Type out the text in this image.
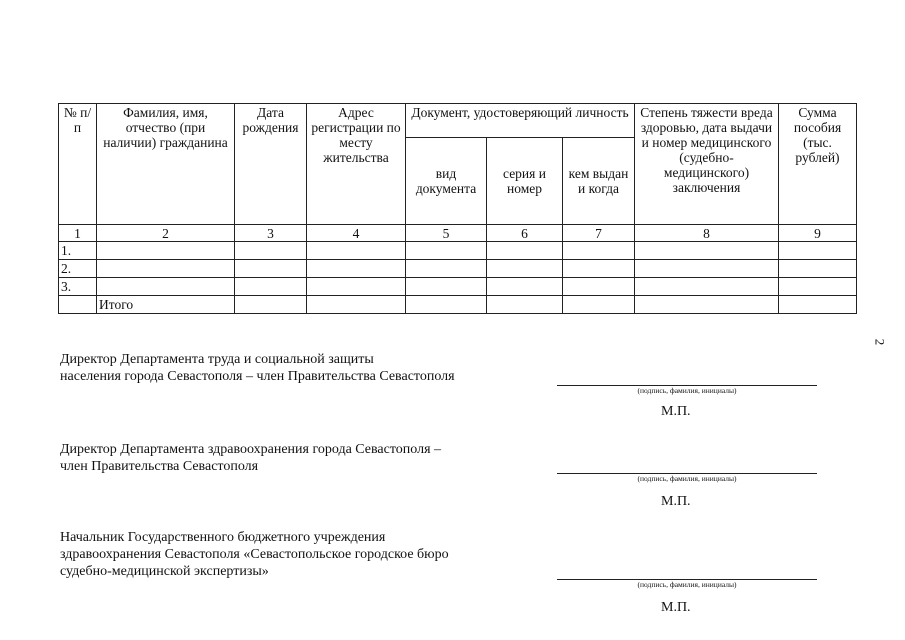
№ п/п	Фамилия, имя, отчество (при наличии) гражданина	Дата рождения	Адрес регистрации по месту жительства	Документ, удостоверяющий личность			Степень тяжести вреда здоровью, дата выдачи и номер медицинского (судебно-медицинского) заключения	Сумма пособия (тыс. рублей)
				вид документа	серия и номер	кем выдан и когда		
1	2	3	4	5	6	7	8	9
1.								
2.								
3.								
	Итого							
2
Директор Департамента труда и социальной защиты
населения города Севастополя – член Правительства Севастополя
(подпись, фамилия, инициалы)
М.П.
Директор Департамента здравоохранения города Севастополя –
член Правительства Севастополя
(подпись, фамилия, инициалы)
М.П.
Начальник Государственного бюджетного учреждения
здравоохранения Севастополя «Севастопольское городское бюро
судебно-медицинской экспертизы»
(подпись, фамилия, инициалы)
М.П.
